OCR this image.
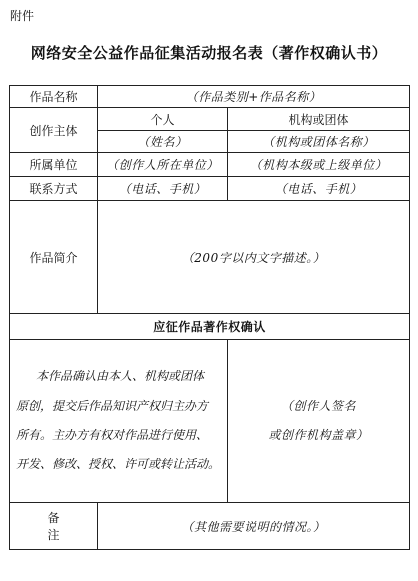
附件
网络安全公益作品征集活动报名表（著作权确认书）
作品名称	（作品类别+作品名称）	
创作主体	个人	机构或团体
	（姓名）	（机构或团体名称）
所属单位	（创作人所在单位）	（机构本级或上级单位）
联系方式	（电话、手机）	（电话、手机）
作品简介	（200字以内文字描述。）	
应征作品著作权确认		

本作品确认由本人、机构或团体
原创，提交后作品知识产权归主办方
所有。主办方有权对作品进行使用、
开发、修改、授权、许可或转让活动。		（创作人签名
或创作机构盖章）

备注	（其他需要说明的情况。）	
